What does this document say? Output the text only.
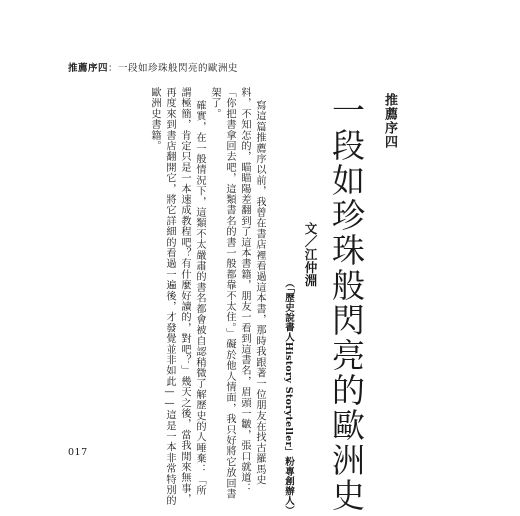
推薦序四：一段如珍珠般閃亮的歐洲史
推薦序四
一段如珍珠般閃亮的歐洲史
文／江仲淵
（「歷史說書人History Storyteller」粉專創辦人）
寫這篇推薦序以前，我曾在書店裡看過這本書，那時我跟著一位朋友在找古羅馬史
料，不知怎的，瞄瞄陽差翻到了這本書籍，朋友一看到這書名，眉頭一皺，張口就道：
「你把書拿回去吧，這類書名的書一般都靠不太住。」礙於他人情面，我只好將它放回書
架了。
確實，在一般情況下，這類不太嚴肅的書名都會被自認稍微了解歷史的人唾棄：「所
謂極簡，肯定只是一本速成教程吧？有什麼好讀的，對吧？」幾天之後，當我閒來無事，
再度來到書店翻開它，將它詳細的看過一遍後，才發覺並非如此——這是一本非常特別的
歐洲史書籍。
017
